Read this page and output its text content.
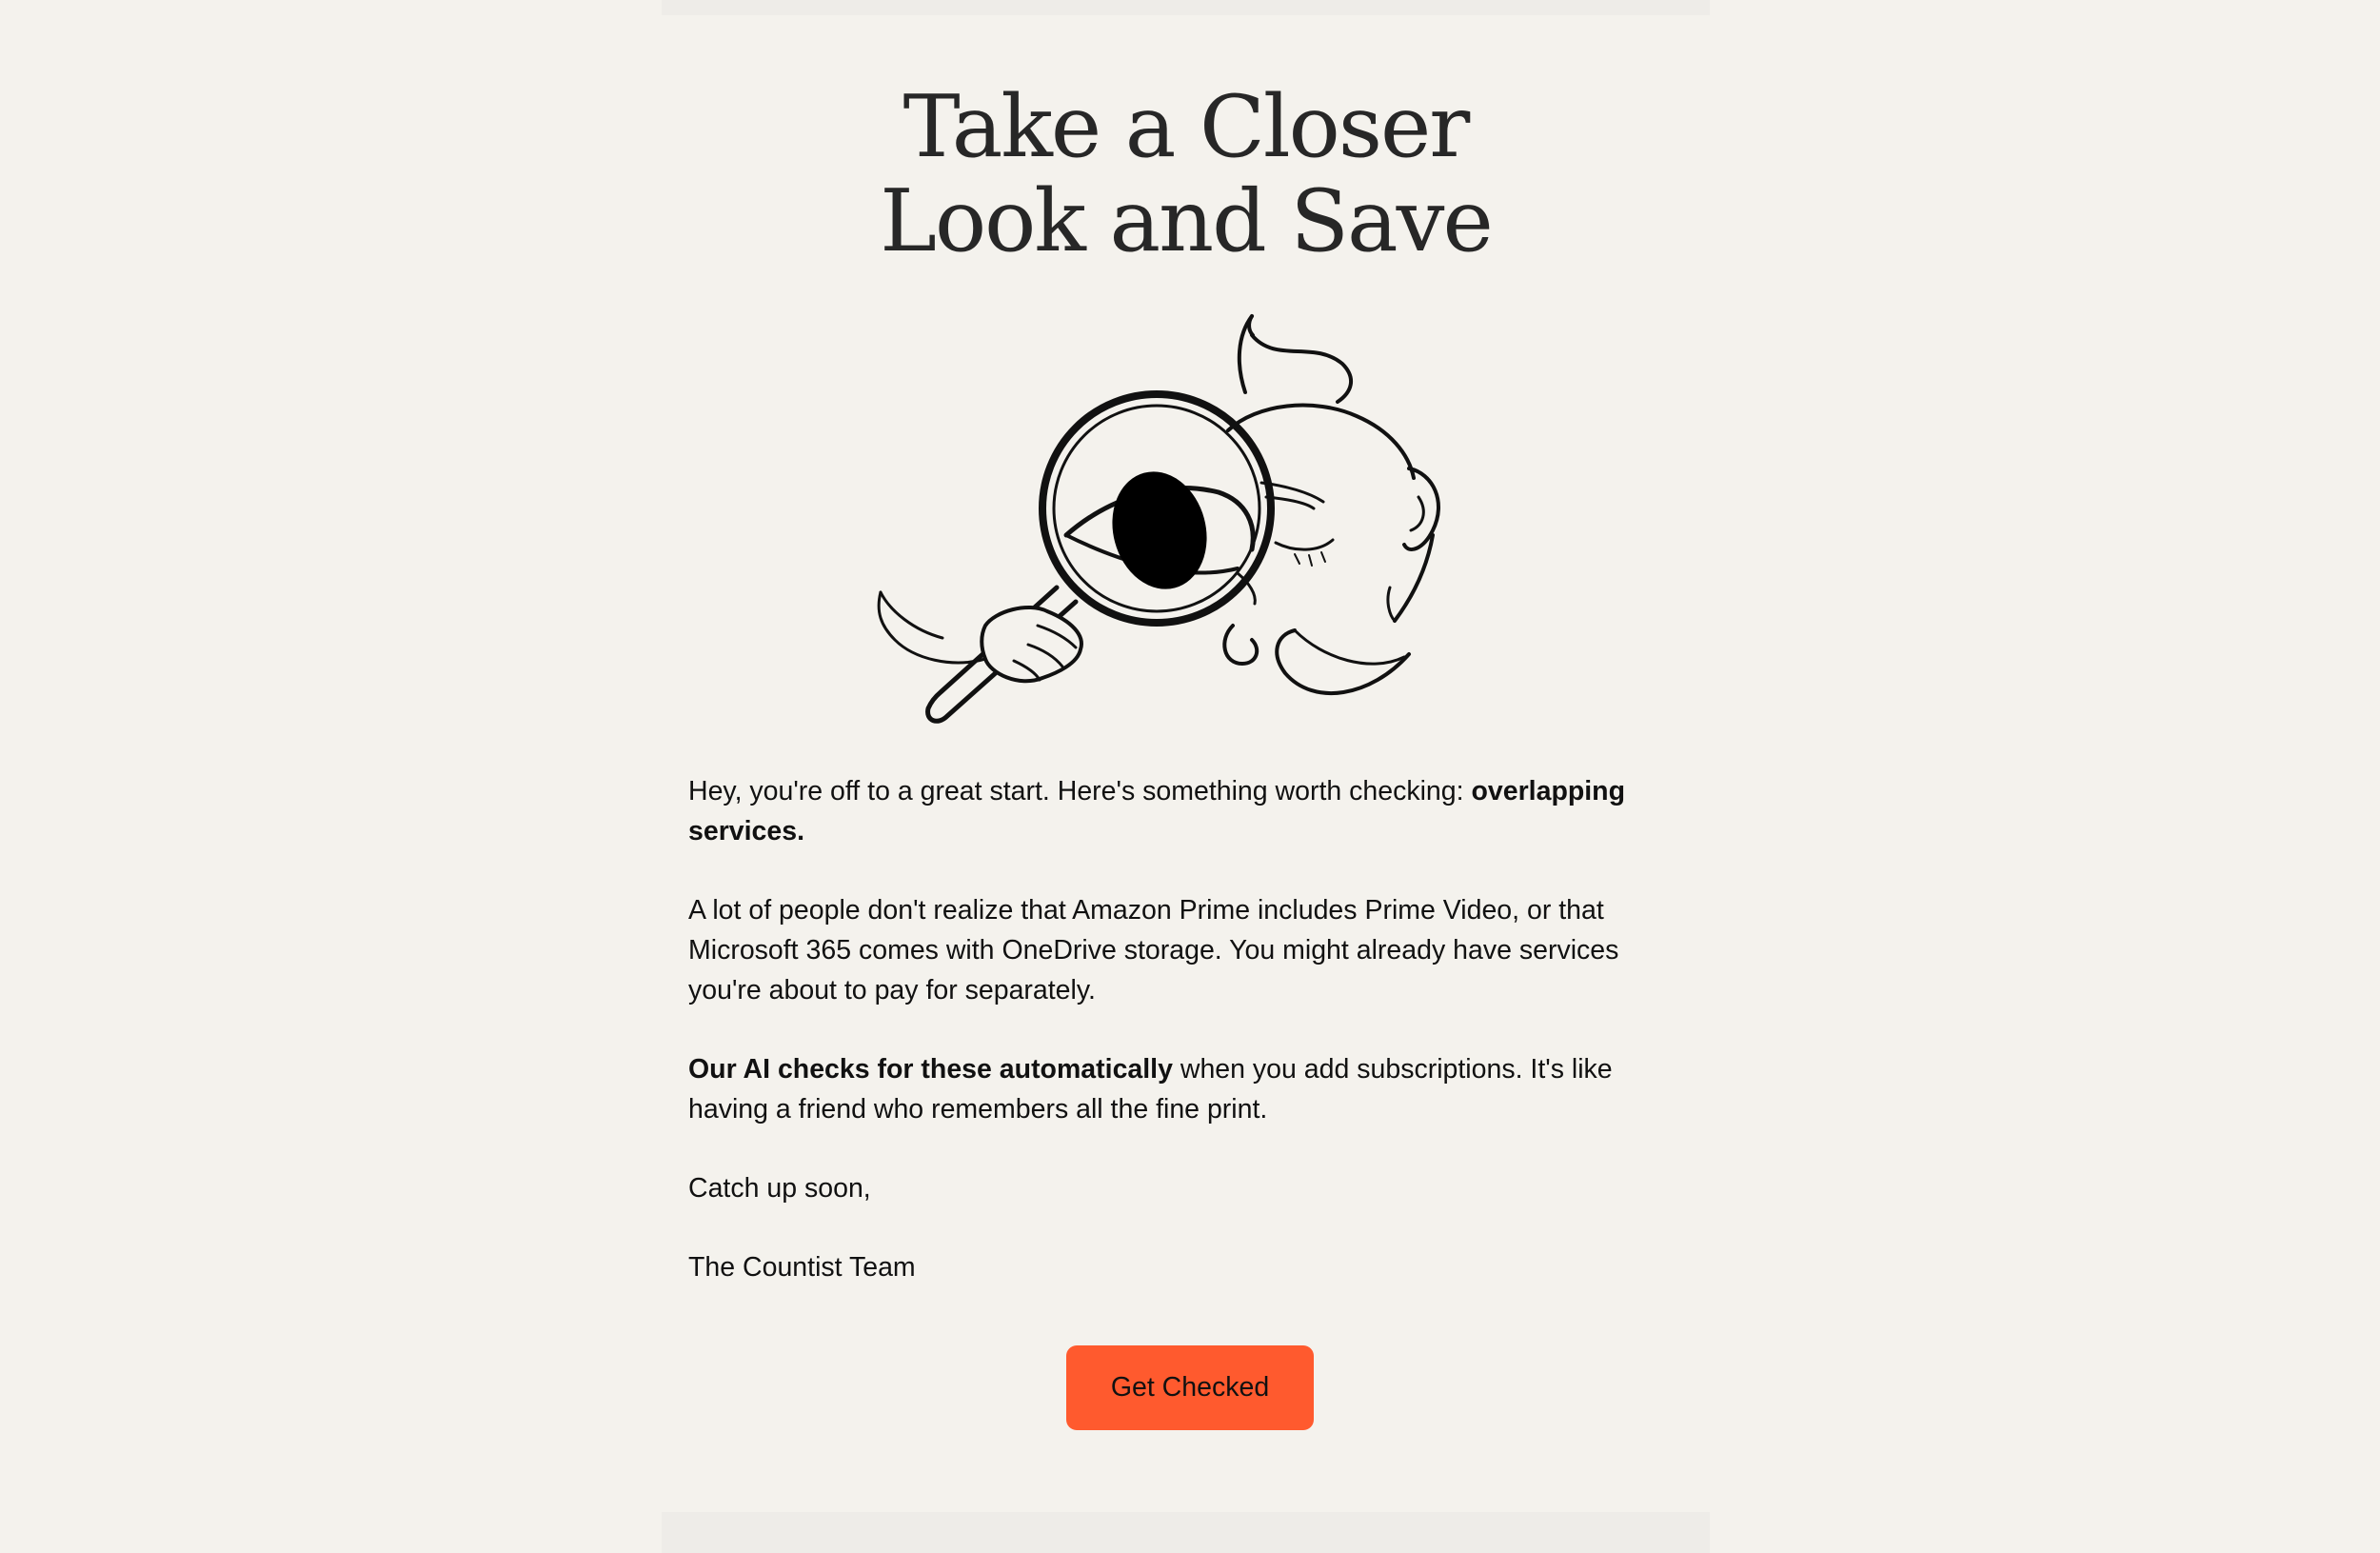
Take a Closer
Look and Save

Hey, you're off to a great start. Here's something worth checking: overlapping services.

A lot of people don't realize that Amazon Prime includes Prime Video, or that Microsoft 365 comes with OneDrive storage. You might already have services you're about to pay for separately.

Our AI checks for these automatically when you add subscriptions. It's like having a friend who remembers all the fine print.

Catch up soon,

The Countist Team

Get Checked
